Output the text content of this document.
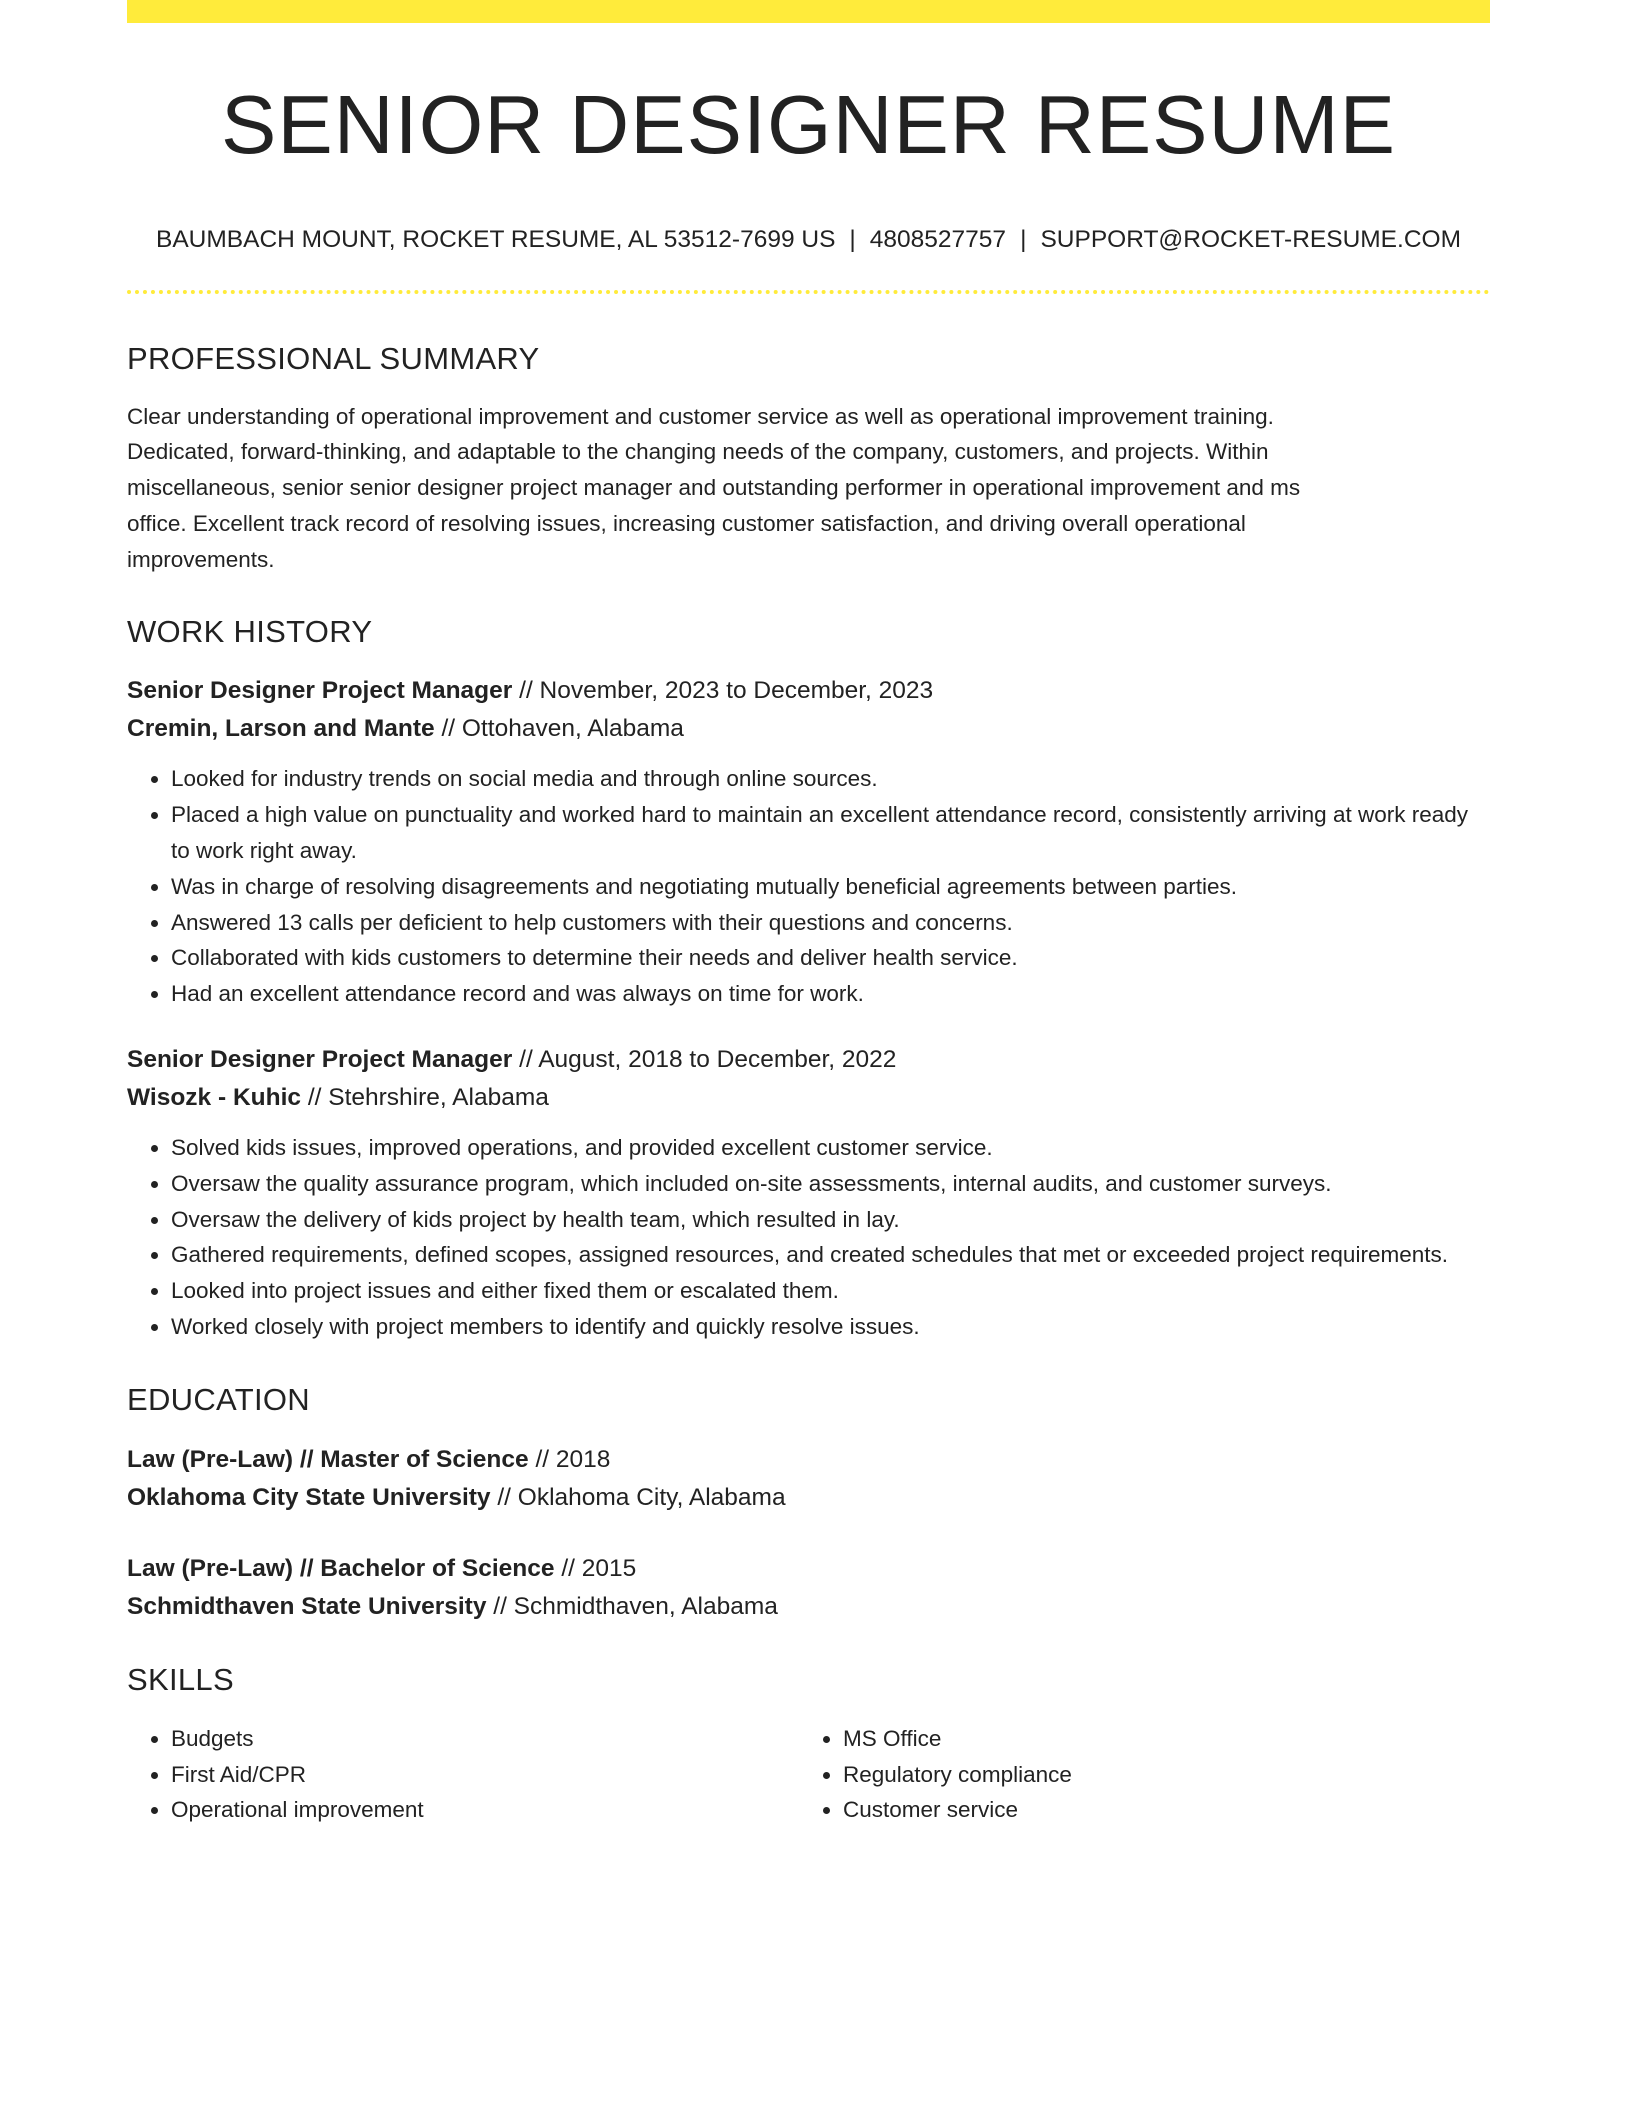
SENIOR DESIGNER RESUME
BAUMBACH MOUNT, ROCKET RESUME, AL 53512-7699 US | 4808527757 | SUPPORT@ROCKET-RESUME.COM
PROFESSIONAL SUMMARY
Clear understanding of operational improvement and customer service as well as operational improvement training.
Dedicated, forward-thinking, and adaptable to the changing needs of the company, customers, and projects. Within
miscellaneous, senior senior designer project manager and outstanding performer in operational improvement and ms
office. Excellent track record of resolving issues, increasing customer satisfaction, and driving overall operational
improvements.
WORK HISTORY
Senior Designer Project Manager // November, 2023 to December, 2023
Cremin, Larson and Mante // Ottohaven, Alabama
• Looked for industry trends on social media and through online sources.
• Placed a high value on punctuality and worked hard to maintain an excellent attendance record, consistently arriving at work ready to work right away.
• Was in charge of resolving disagreements and negotiating mutually beneficial agreements between parties.
• Answered 13 calls per deficient to help customers with their questions and concerns.
• Collaborated with kids customers to determine their needs and deliver health service.
• Had an excellent attendance record and was always on time for work.
Senior Designer Project Manager // August, 2018 to December, 2022
Wisozk - Kuhic // Stehrshire, Alabama
• Solved kids issues, improved operations, and provided excellent customer service.
• Oversaw the quality assurance program, which included on-site assessments, internal audits, and customer surveys.
• Oversaw the delivery of kids project by health team, which resulted in lay.
• Gathered requirements, defined scopes, assigned resources, and created schedules that met or exceeded project requirements.
• Looked into project issues and either fixed them or escalated them.
• Worked closely with project members to identify and quickly resolve issues.
EDUCATION
Law (Pre-Law) // Master of Science // 2018
Oklahoma City State University // Oklahoma City, Alabama
Law (Pre-Law) // Bachelor of Science // 2015
Schmidthaven State University // Schmidthaven, Alabama
SKILLS
• Budgets
• First Aid/CPR
• Operational improvement
• MS Office
• Regulatory compliance
• Customer service
